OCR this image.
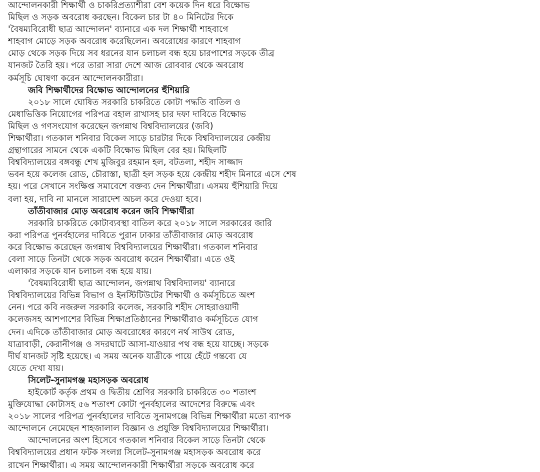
আন্দোলনকারী শিক্ষার্থী ও চাকরিপ্রত্যাশীরা বেশ কয়েক দিন ধরে বিক্ষোভ
মিছিল ও সড়ক অবরোধ করছেন। বিকেল চার টা ৪০ মিনিটের দিকে
'বৈষম্যবিরোধী ছাত্র আন্দোলন' ব্যানারে এক দল শিক্ষার্থী শাহবাগে
শাহবাগ মোড়ে সড়ক অবরোধ করেছিলেন। অবরোধের কারণে শাহবাগ
মোড় থেকে সড়ক দিয়ে সব ধরনের যান চলাচল বন্ধ হয়ে চারপাশের সড়কে তীব্র
যানজট তৈরি হয়। পরে তারা সারা দেশে আজ রোববার থেকে অবরোধ
কর্মসূচি ঘোষণা করেন আন্দোলনকারীরা।
জবি শিক্ষার্থীদের বিক্ষোভ আন্দোলনের হুঁশিয়ারি
২০১৮ সালে ঘোষিত সরকারি চাকরিতে কোটা পদ্ধতি বাতিল ও
মেধাভিত্তিক নিয়োগের পরিপত্র বহাল রাখাসহ চার দফা দাবিতে বিক্ষোভ
মিছিল ও গণসংযোগ করেছেন জগন্নাথ বিশ্ববিদ্যালয়ের (জবি)
শিক্ষার্থীরা। গতকাল শনিবার বিকেল সাড়ে চারটার দিকে বিশ্ববিদ্যালয়ের কেন্দ্রীয়
গ্রন্থাগারের সামনে থেকে একটি বিক্ষোভ মিছিল বের হয়। মিছিলটি
বিশ্ববিদ্যালয়ের বঙ্গবন্ধু শেখ মুজিবুর রহমান হল, বটতলা, শহীদ সাজ্জাদ
ভবন হয়ে কলেজ রোড, চৌরাস্তা, ছাত্রী হল সড়ক হয়ে কেন্দ্রীয় শহীদ মিনারে এসে শেষ
হয়। পরে সেখানে সংক্ষিপ্ত সমাবেশে বক্তব্য দেন শিক্ষার্থীরা। এসময় হুঁশিয়ারি দিয়ে
বলা হয়, দাবি না মানলে সারাদেশ অচল করে দেওয়া হবে।
তাঁতীবাজার মোড় অবরোধ করেন জবি শিক্ষার্থীরা
সরকারি চাকরিতে কোটাব্যবস্থা বাতিল করে ২০১৮ সালে সরকারের জারি
করা পরিপত্র পুনর্বহালের দাবিতে পুরান ঢাকার তাঁতীবাজার মোড় অবরোধ
করে বিক্ষোভ করেছেন জগন্নাথ বিশ্ববিদ্যালয়ের শিক্ষার্থীরা। গতকাল শনিবার
বেলা সাড়ে তিনটা থেকে সড়ক অবরোধ করেন শিক্ষার্থীরা। এতে ওই
এলাকার সড়কে যান চলাচল বন্ধ হয়ে যায়।
'বৈষম্যবিরোধী ছাত্র আন্দোলন, জগন্নাথ বিশ্ববিদ্যালয়' ব্যানারে
বিশ্ববিদ্যালয়ের বিভিন্ন বিভাগ ও ইনস্টিটিউটের শিক্ষার্থী ও কর্মসূচিতে অংশ
নেন। পরে কবি নজরুল সরকারি কলেজ, সরকারি শহীদ সোহরাওয়ার্দী
কলেজসহ আশপাশের বিভিন্ন শিক্ষাপ্রতিষ্ঠানের শিক্ষার্থীরাও কর্মসূচিতে যোগ
দেন। এদিকে তাঁতীবাজার মোড় অবরোধের কারণে নর্থ সাউথ রোড,
যাত্রাবাড়ী, কেরানীগঞ্জ ও সদরঘাটে আসা-যাওয়ার পথ বন্ধ হয়ে যাচ্ছে। সড়কে
দীর্ঘ যানজট সৃষ্টি হয়েছে। এ সময় অনেক যাত্রীকে পায়ে হেঁটে গন্তব্যে যে
যেতে দেখা যায়।
সিলেট-সুনামগঞ্জ মহাসড়ক অবরোধ
হাইকোর্ট কর্তৃক প্রথম ও দ্বিতীয় শ্রেণির সরকারি চাকরিতে ৩০ শতাংশ
মুক্তিযোদ্ধা কোটাসহ ৫৬ শতাংশ কোটা পুনর্বহালের আদেশের বিরুদ্ধে এবং
২০১৮ সালের পরিপত্র পুনর্বহালের দাবিতে সুনামগঞ্জে বিভিন্ন শিক্ষার্থীরা মতো ব্যাপক
আন্দোলনে নেমেছেন শাহজালাল বিজ্ঞান ও প্রযুক্তি বিশ্ববিদ্যালয়ের শিক্ষার্থীরা।
আন্দোলনের অংশ হিসেবে গতকাল শনিবার বিকেল সাড়ে তিনটা থেকে
বিশ্ববিদ্যালয়ের প্রধান ফটক সংলগ্ন সিলেট-সুনামগঞ্জ মহাসড়ক অবরোধ করে
রাখেন শিক্ষার্থীরা। এ সময় আন্দোলনকারী শিক্ষার্থীরা সড়কে অবরোধ করে
